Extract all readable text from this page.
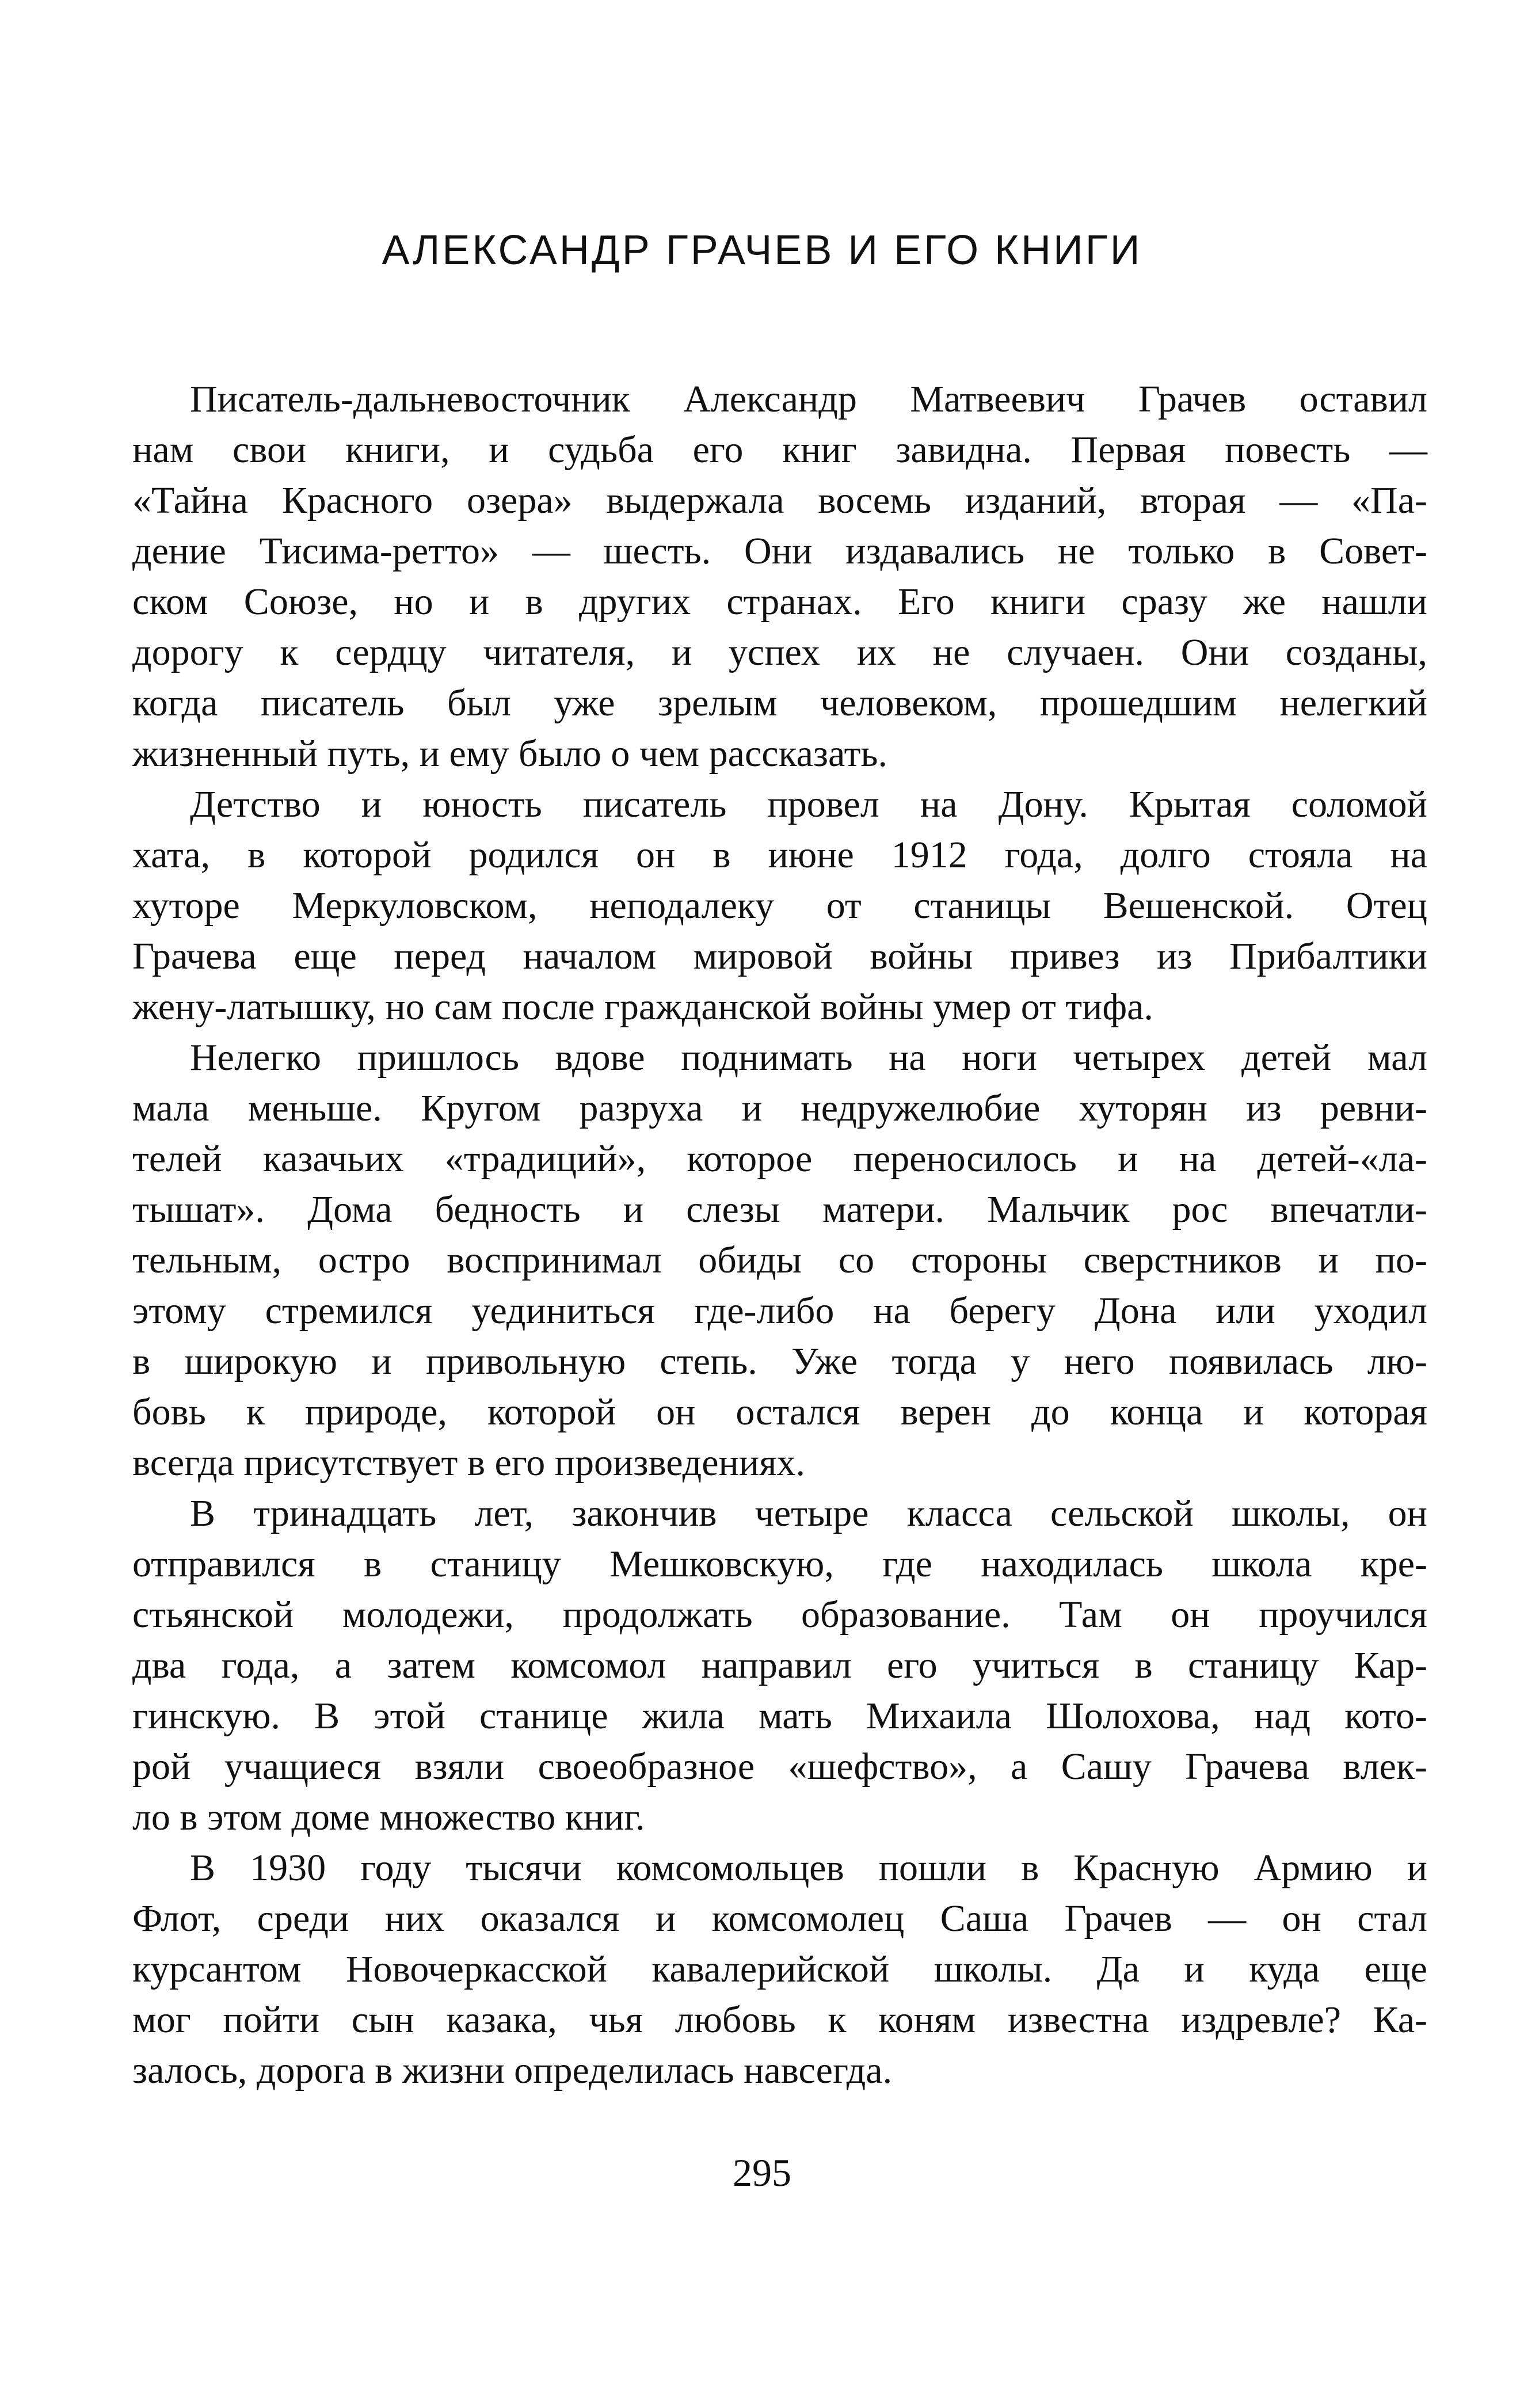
АЛЕКСАНДР ГРАЧЕВ И ЕГО КНИГИ

Писатель-дальневосточник Александр Матвеевич Грачев оставил
нам свои книги, и судьба его книг завидна. Первая повесть —
«Тайна Красного озера» выдержала восемь изданий, вторая — «Па-
дение Тисима-ретто» — шесть. Они издавались не только в Совет-
ском Союзе, но и в других странах. Его книги сразу же нашли
дорогу к сердцу читателя, и успех их не случаен. Они созданы,
когда писатель был уже зрелым человеком, прошедшим нелегкий
жизненный путь, и ему было о чем рассказать.

Детство и юность писатель провел на Дону. Крытая соломой
хата, в которой родился он в июне 1912 года, долго стояла на
хуторе Меркуловском, неподалеку от станицы Вешенской. Отец
Грачева еще перед началом мировой войны привез из Прибалтики
жену-латышку, но сам после гражданской войны умер от тифа.

Нелегко пришлось вдове поднимать на ноги четырех детей мал
мала меньше. Кругом разруха и недружелюбие хуторян из ревни-
телей казачьих «традиций», которое переносилось и на детей-«ла-
тышат». Дома бедность и слезы матери. Мальчик рос впечатли-
тельным, остро воспринимал обиды со стороны сверстников и по-
этому стремился уединиться где-либо на берегу Дона или уходил
в широкую и привольную степь. Уже тогда у него появилась лю-
бовь к природе, которой он остался верен до конца и которая
всегда присутствует в его произведениях.

В тринадцать лет, закончив четыре класса сельской школы, он
отправился в станицу Мешковскую, где находилась школа кре-
стьянской молодежи, продолжать образование. Там он проучился
два года, а затем комсомол направил его учиться в станицу Кар-
гинскую. В этой станице жила мать Михаила Шолохова, над кото-
рой учащиеся взяли своеобразное «шефство», а Сашу Грачева влек-
ло в этом доме множество книг.

В 1930 году тысячи комсомольцев пошли в Красную Армию и
Флот, среди них оказался и комсомолец Саша Грачев — он стал
курсантом Новочеркасской кавалерийской школы. Да и куда еще
мог пойти сын казака, чья любовь к коням известна издревле? Ка-
залось, дорога в жизни определилась навсегда.

295
